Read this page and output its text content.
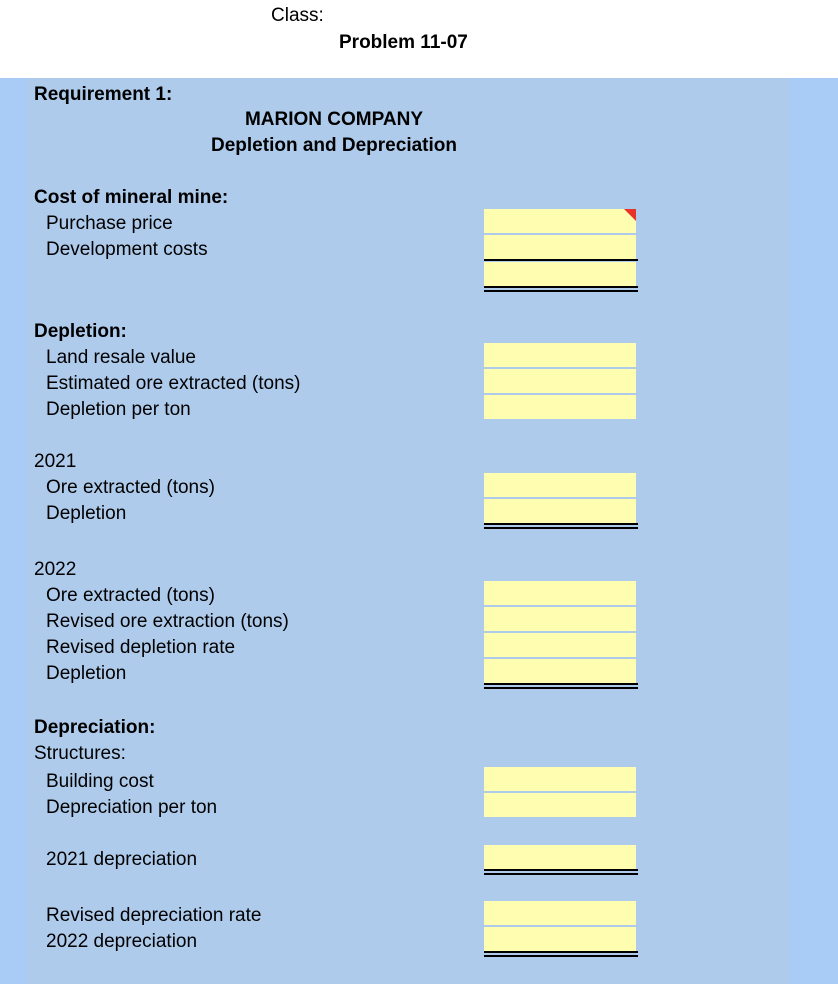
Class:
Problem 11-07
Requirement 1:
MARION COMPANY
Depletion and Depreciation
Cost of mineral mine:
Purchase price
Development costs
Depletion:
Land resale value
Estimated ore extracted (tons)
Depletion per ton
2021
Ore extracted (tons)
Depletion
2022
Ore extracted (tons)
Revised ore extraction (tons)
Revised depletion rate
Depletion
Depreciation:
Structures:
Building cost
Depreciation per ton
2021 depreciation
Revised depreciation rate
2022 depreciation
